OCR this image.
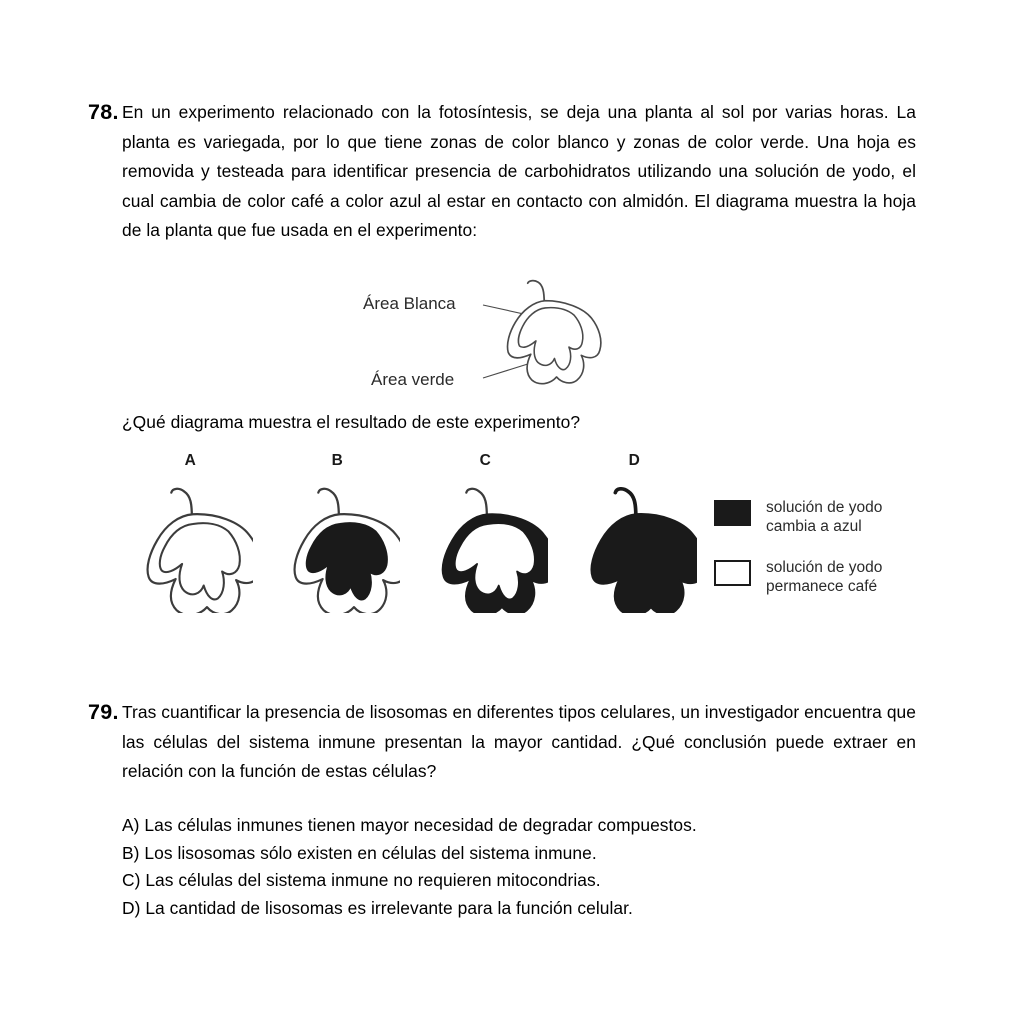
78. En un experimento relacionado con la fotosíntesis, se deja una planta al sol por varias horas. La planta es variegada, por lo que tiene zonas de color blanco y zonas de color verde. Una hoja es removida y testeada para identificar presencia de carbohidratos utilizando una solución de yodo, el cual cambia de color café a color azul al estar en contacto con almidón. El diagrama muestra la hoja de la planta que fue usada en el experimento:
Área Blanca
Área verde
¿Qué diagrama muestra el resultado de este experimento?
A	B	C	D
solución de yodo
cambia a azul
solución de yodo
permanece café
79. Tras cuantificar la presencia de lisosomas en diferentes tipos celulares, un investigador encuentra que las células del sistema inmune presentan la mayor cantidad. ¿Qué conclusión puede extraer en relación con la función de estas células?
A) Las células inmunes tienen mayor necesidad de degradar compuestos.
B) Los lisosomas sólo existen en células del sistema inmune.
C) Las células del sistema inmune no requieren mitocondrias.
D) La cantidad de lisosomas es irrelevante para la función celular.
